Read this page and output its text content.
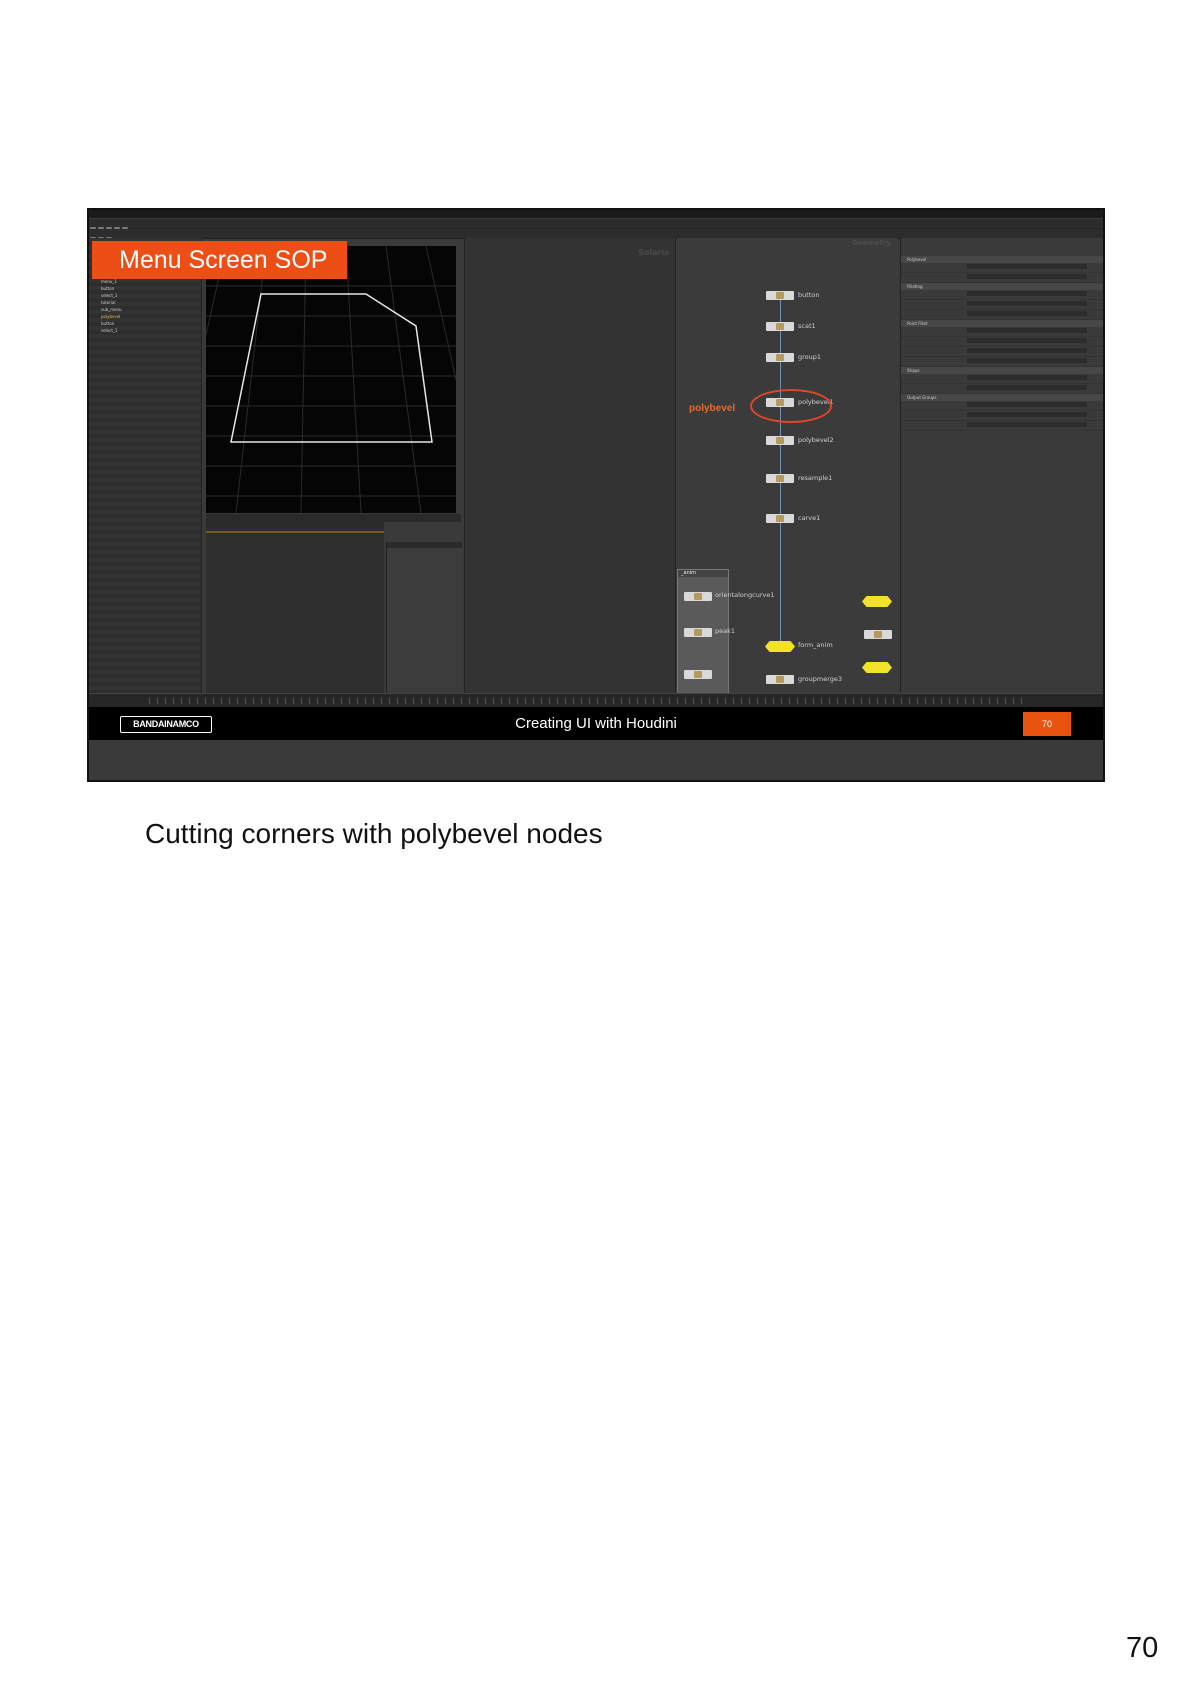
menu_1
button
select_1
tutorial
sub_menu
polybevel
button
select_1
Solaris
Geometry
button
scat1
group1
polybevel1
polybevel2
resample1
carve1
form_anim
groupmerge3
_anim
orientalongcurve1
peak1
polybevel
Polybevel
Filleting
Point Fillet
Shape
Output Groups
BANDAINAMCO	Creating UI with Houdini	70
Menu Screen SOP
Cutting corners with polybevel nodes
70
